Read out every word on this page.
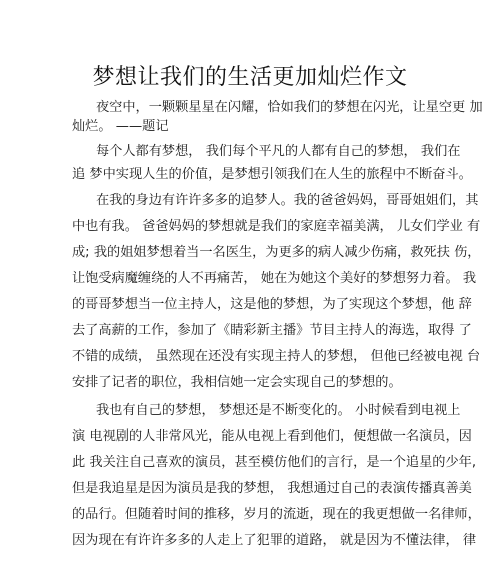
梦想让我们的生活更加灿烂作文
夜空中，一颗颗星星在闪耀，恰如我们的梦想在闪光，让星空更 加
灿烂。 ——题记
每个人都有梦想， 我们每个平凡的人都有自己的梦想， 我们在
追 梦中实现人生的价值，是梦想引领我们在人生的旅程中不断奋斗。
在我的身边有许许多多的追梦人。我的爸爸妈妈，哥哥姐姐们，其
中也有我。 爸爸妈妈的梦想就是我们的家庭幸福美满， 儿女们学业 有
成; 我的姐姐梦想着当一名医生，为更多的病人减少伤痛，救死扶 伤，
让饱受病魔缠绕的人不再痛苦， 她在为她这个美好的梦想努力着。 我
的哥哥梦想当一位主持人，这是他的梦想，为了实现这个梦想，他 辞
去了高薪的工作，参加了《睛彩新主播》节目主持人的海选，取得 了
不错的成绩， 虽然现在还没有实现主持人的梦想， 但他已经被电视 台
安排了记者的职位，我相信她一定会实现自己的梦想的。
我也有自己的梦想， 梦想还是不断变化的。 小时候看到电视上
演 电视剧的人非常风光，能从电视上看到他们，便想做一名演员，因
此 我关注自己喜欢的演员，甚至模仿他们的言行，是一个追星的少年,
但是我追星是因为演员是我的梦想， 我想通过自己的表演传播真善美
的品行。但随着时间的推移，岁月的流逝，现在的我更想做一名律师，
因为现在有许许多多的人走上了犯罪的道路， 就是因为不懂法律， 律
